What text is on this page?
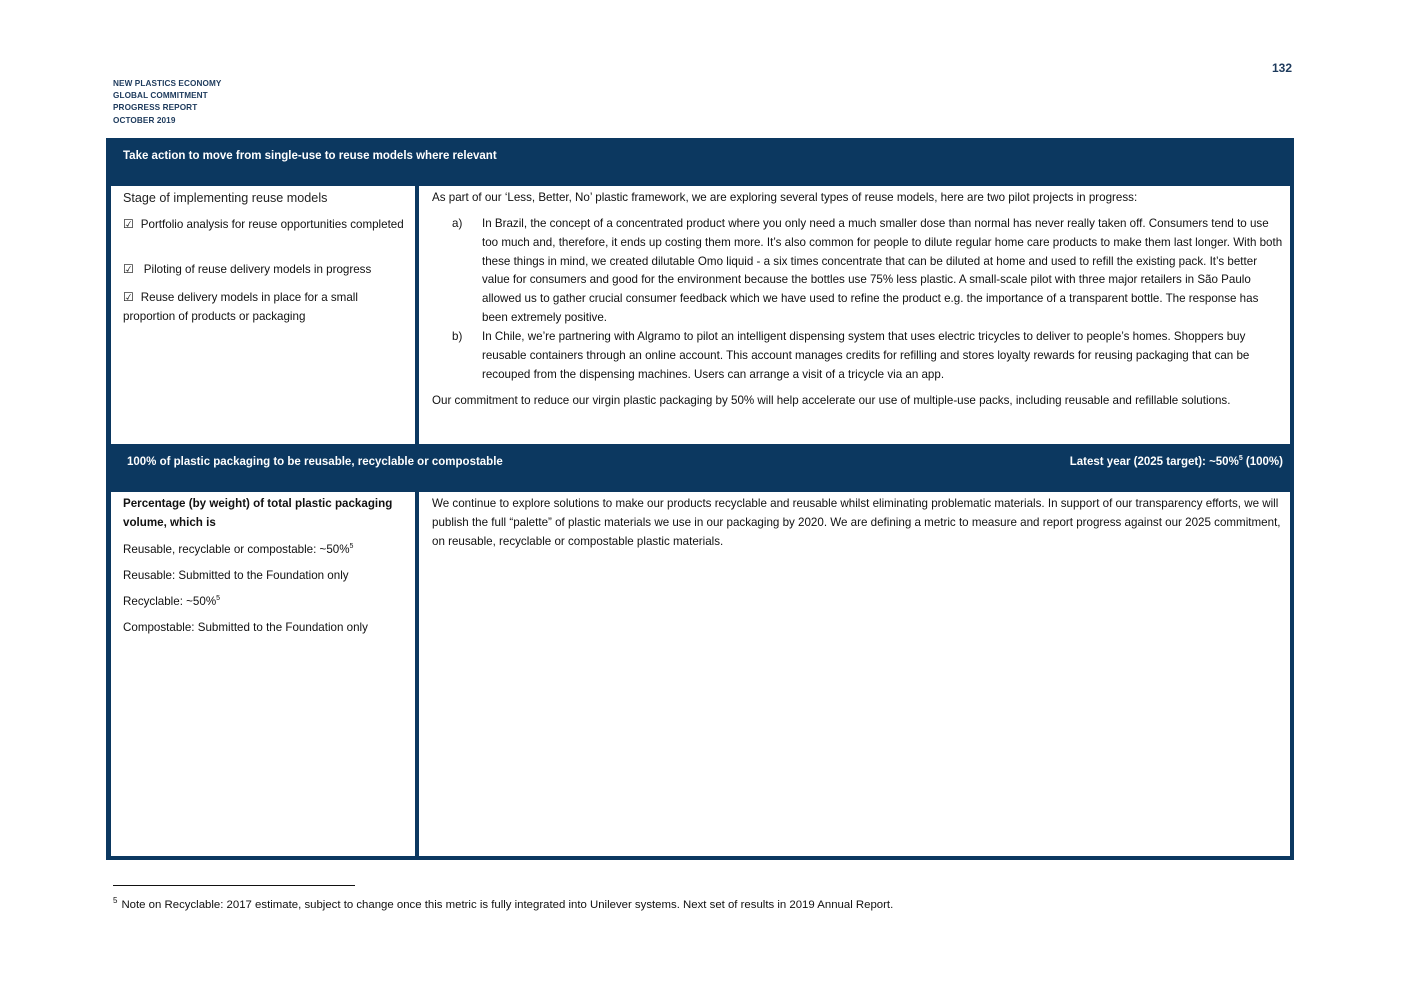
132
NEW PLASTICS ECONOMY
GLOBAL COMMITMENT
PROGRESS REPORT
OCTOBER 2019
Take action to move from single-use to reuse models where relevant
Stage of implementing reuse models
☑ Portfolio analysis for reuse opportunities completed
☑ Piloting of reuse delivery models in progress
☑ Reuse delivery models in place for a small proportion of products or packaging
As part of our ‘Less, Better, No’ plastic framework, we are exploring several types of reuse models, here are two pilot projects in progress:
a) In Brazil, the concept of a concentrated product where you only need a much smaller dose than normal has never really taken off. Consumers tend to use too much and, therefore, it ends up costing them more. It’s also common for people to dilute regular home care products to make them last longer. With both these things in mind, we created dilutable Omo liquid - a six times concentrate that can be diluted at home and used to refill the existing pack. It’s better value for consumers and good for the environment because the bottles use 75% less plastic. A small-scale pilot with three major retailers in São Paulo allowed us to gather crucial consumer feedback which we have used to refine the product e.g. the importance of a transparent bottle. The response has been extremely positive.
b) In Chile, we’re partnering with Algramo to pilot an intelligent dispensing system that uses electric tricycles to deliver to people’s homes. Shoppers buy reusable containers through an online account. This account manages credits for refilling and stores loyalty rewards for reusing packaging that can be recouped from the dispensing machines. Users can arrange a visit of a tricycle via an app.
Our commitment to reduce our virgin plastic packaging by 50% will help accelerate our use of multiple-use packs, including reusable and refillable solutions.
100% of plastic packaging to be reusable, recyclable or compostable	Latest year (2025 target): ~50%$^5$ (100%)
Percentage (by weight) of total plastic packaging volume, which is
Reusable, recyclable or compostable: ~50%$^5$
Reusable: Submitted to the Foundation only
Recyclable: ~50%$^5$
Compostable: Submitted to the Foundation only
We continue to explore solutions to make our products recyclable and reusable whilst eliminating problematic materials. In support of our transparency efforts, we will publish the full “palette” of plastic materials we use in our packaging by 2020. We are defining a metric to measure and report progress against our 2025 commitment, on reusable, recyclable or compostable plastic materials.
$^5$ Note on Recyclable: 2017 estimate, subject to change once this metric is fully integrated into Unilever systems. Next set of results in 2019 Annual Report.
